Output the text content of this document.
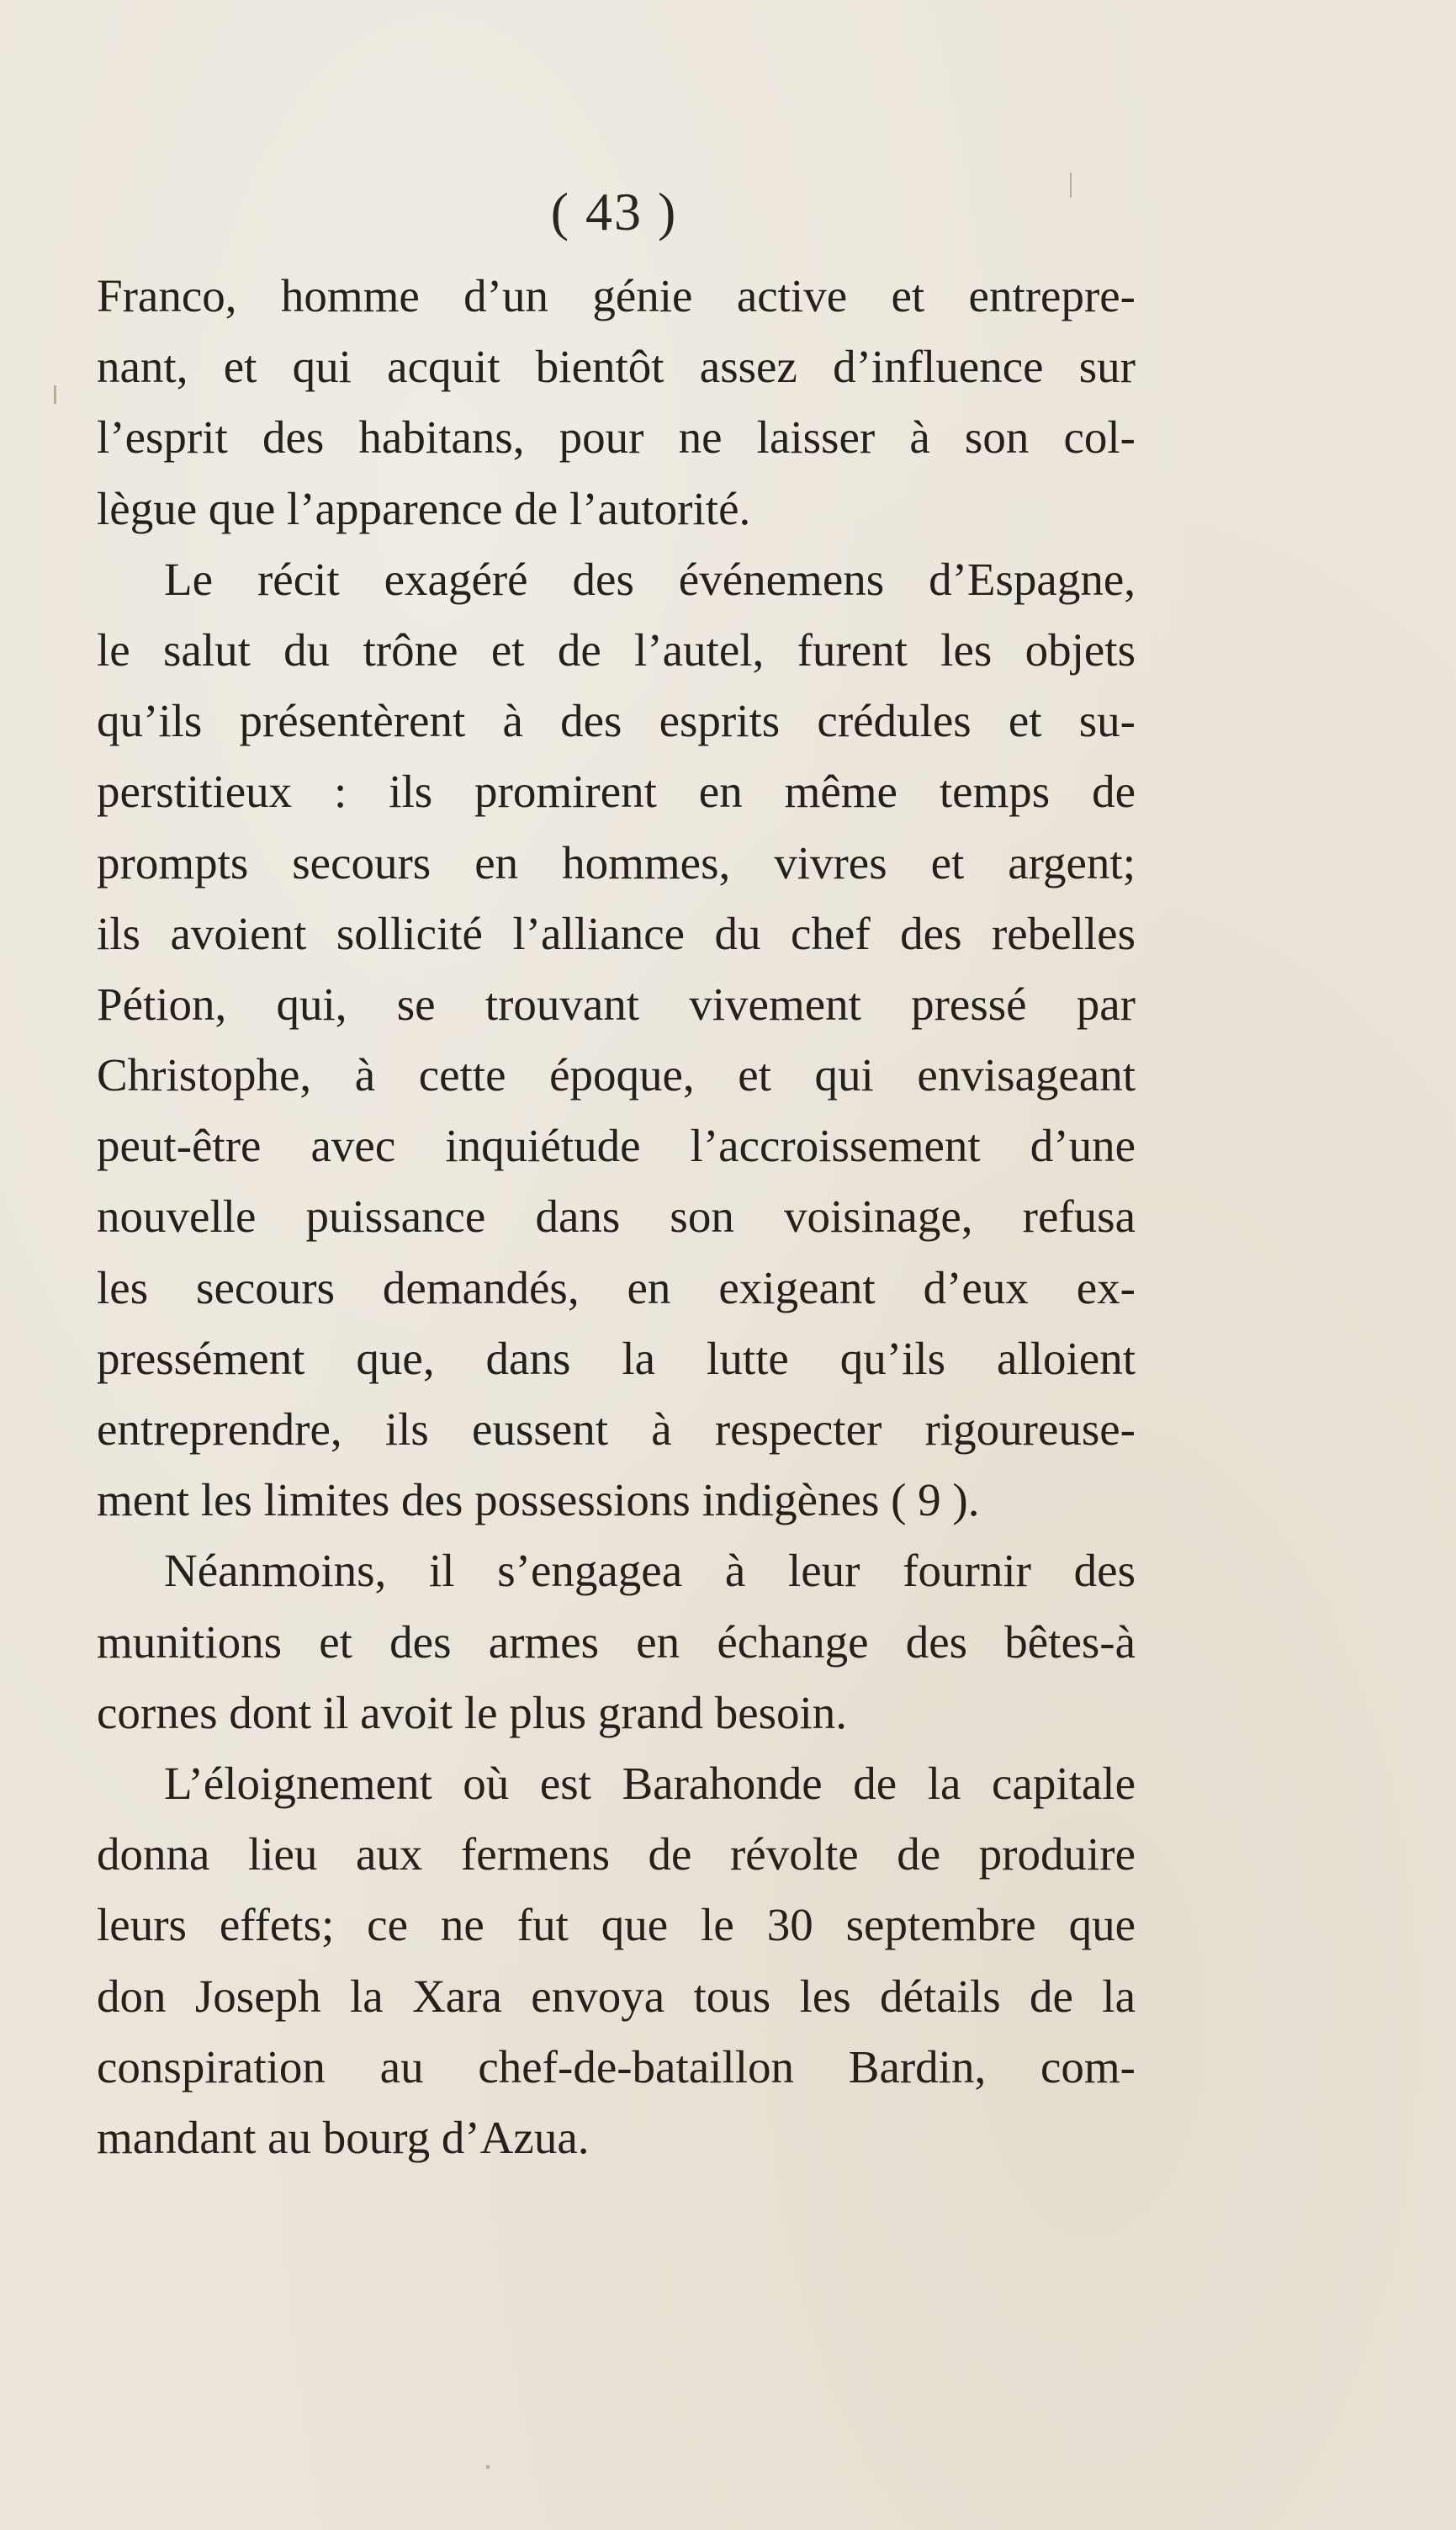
( 43 )
Franco, homme d’un génie active et entrepre-
nant, et qui acquit bientôt assez d’influence sur
l’esprit des habitans, pour ne laisser à son col-
lègue que l’apparence de l’autorité.
Le récit exagéré des événemens d’Espagne,
le salut du trône et de l’autel, furent les objets
qu’ils présentèrent à des esprits crédules et su-
perstitieux : ils promirent en même temps de
prompts secours en hommes, vivres et argent;
ils avoient sollicité l’alliance du chef des rebelles
Pétion, qui, se trouvant vivement pressé par
Christophe, à cette époque, et qui envisageant
peut-être avec inquiétude l’accroissement d’une
nouvelle puissance dans son voisinage, refusa
les secours demandés, en exigeant d’eux ex-
pressément que, dans la lutte qu’ils alloient
entreprendre, ils eussent à respecter rigoureuse-
ment les limites des possessions indigènes ( 9 ).
Néanmoins, il s’engagea à leur fournir des
munitions et des armes en échange des bêtes-à
cornes dont il avoit le plus grand besoin.
L’éloignement où est Barahonde de la capitale
donna lieu aux fermens de révolte de produire
leurs effets; ce ne fut que le 30 septembre que
don Joseph la Xara envoya tous les détails de la
conspiration au chef-de-bataillon Bardin, com-
mandant au bourg d’Azua.
